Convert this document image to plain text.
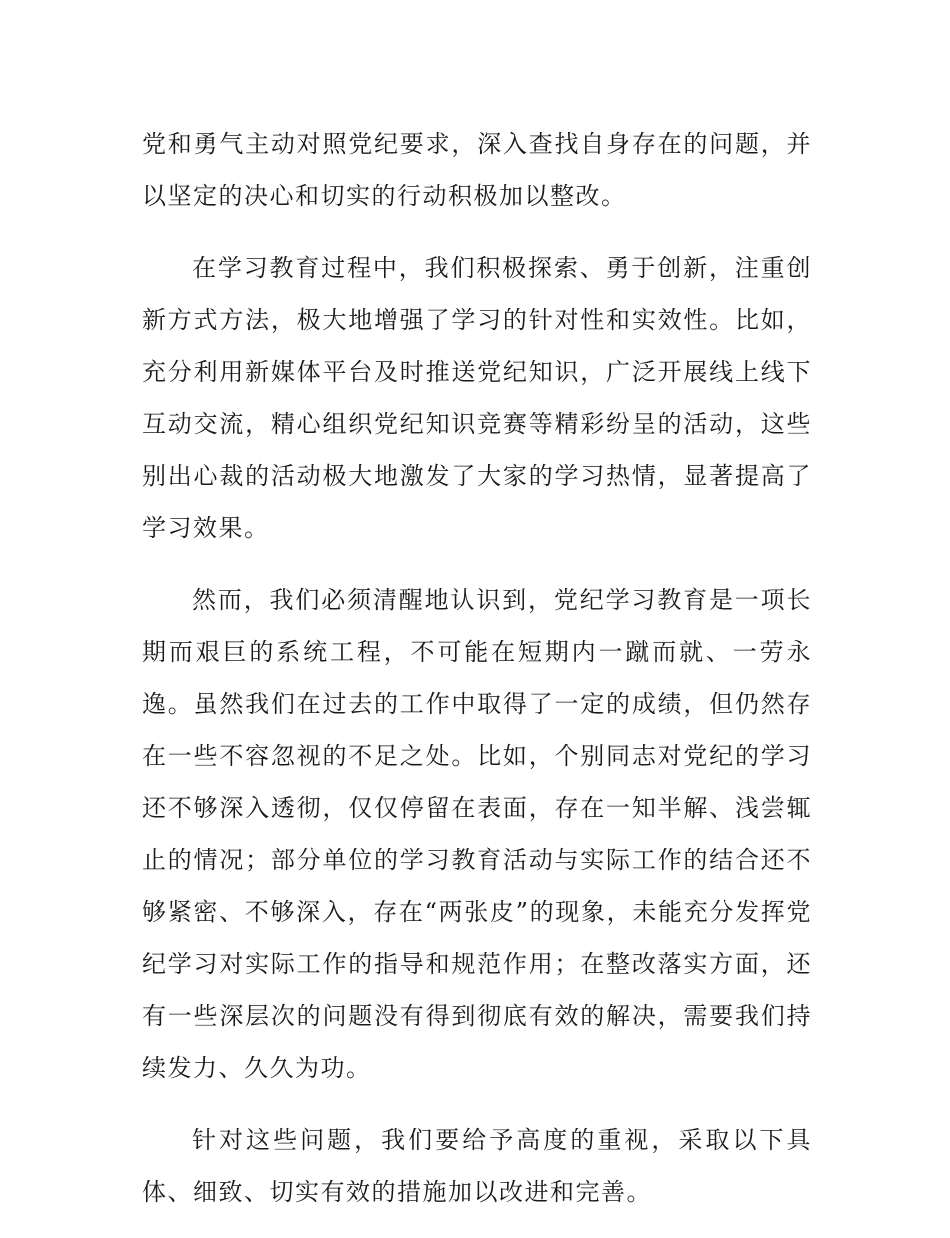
党和勇气主动对照党纪要求，深入查找自身存在的问题，并以坚定的决心和切实的行动积极加以整改。

在学习教育过程中，我们积极探索、勇于创新，注重创新方式方法，极大地增强了学习的针对性和实效性。比如，充分利用新媒体平台及时推送党纪知识，广泛开展线上线下互动交流，精心组织党纪知识竞赛等精彩纷呈的活动，这些别出心裁的活动极大地激发了大家的学习热情，显著提高了学习效果。

然而，我们必须清醒地认识到，党纪学习教育是一项长期而艰巨的系统工程，不可能在短期内一蹴而就、一劳永逸。虽然我们在过去的工作中取得了一定的成绩，但仍然存在一些不容忽视的不足之处。比如，个别同志对党纪的学习还不够深入透彻，仅仅停留在表面，存在一知半解、浅尝辄止的情况；部分单位的学习教育活动与实际工作的结合还不够紧密、不够深入，存在“两张皮”的现象，未能充分发挥党纪学习对实际工作的指导和规范作用；在整改落实方面，还有一些深层次的问题没有得到彻底有效的解决，需要我们持续发力、久久为功。

针对这些问题，我们要给予高度的重视，采取以下具体、细致、切实有效的措施加以改进和完善。
